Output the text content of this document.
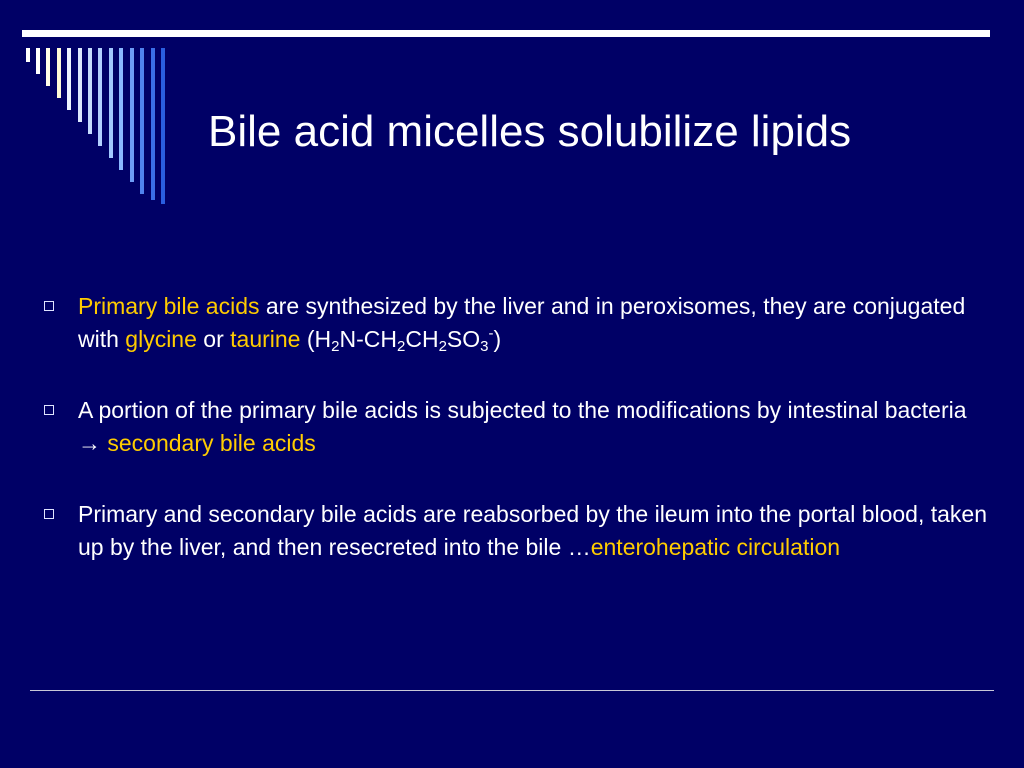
Bile acid micelles solubilize lipids
Primary bile acids are synthesized by the liver and in peroxisomes, they are conjugated with glycine or taurine $(H_2N-CH_2CH_2SO_3^-)$
A portion of the primary bile acids is subjected to the modifications by intestinal bacteria → secondary bile acids
Primary and secondary bile acids are reabsorbed by the ileum into the portal blood, taken up by the liver, and then resecreted into the bile …enterohepatic circulation
